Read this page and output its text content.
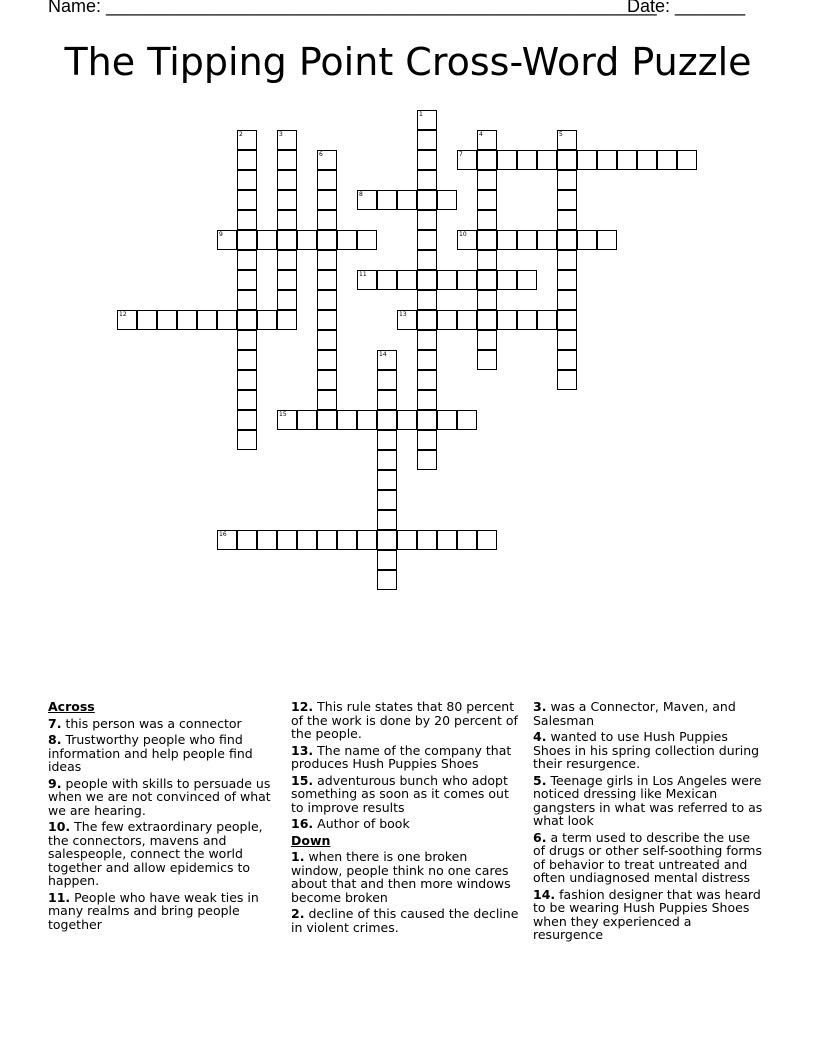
Name: _______________________________________________________
Date: _______
The Tipping Point Cross-Word Puzzle
1
2	3	4	5
6	7
8
9	10
11
12	13
14
15
16

Across

7. this person was a connector

8. Trustworthy people who find information and help people find ideas

9. people with skills to persuade us when we are not convinced of what we are hearing.

10. The few extraordinary people, the connectors, mavens and salespeople, connect the world together and allow epidemics to happen.

11. People who have weak ties in many realms and bring people together

12. This rule states that 80 percent of the work is done by 20 percent of the people.

13. The name of the company that produces Hush Puppies Shoes

15. adventurous bunch who adopt something as soon as it comes out to improve results

16. Author of book

Down

1. when there is one broken window, people think no one cares about that and then more windows become broken

2. decline of this caused the decline in violent crimes.

3. was a Connector, Maven, and Salesman

4. wanted to use Hush Puppies Shoes in his spring collection during their resurgence.

5. Teenage girls in Los Angeles were noticed dressing like Mexican gangsters in what was referred to as what look

6. a term used to describe the use of drugs or other self-soothing forms of behavior to treat untreated and often undiagnosed mental distress

14. fashion designer that was heard to be wearing Hush Puppies Shoes when they experienced a resurgence
